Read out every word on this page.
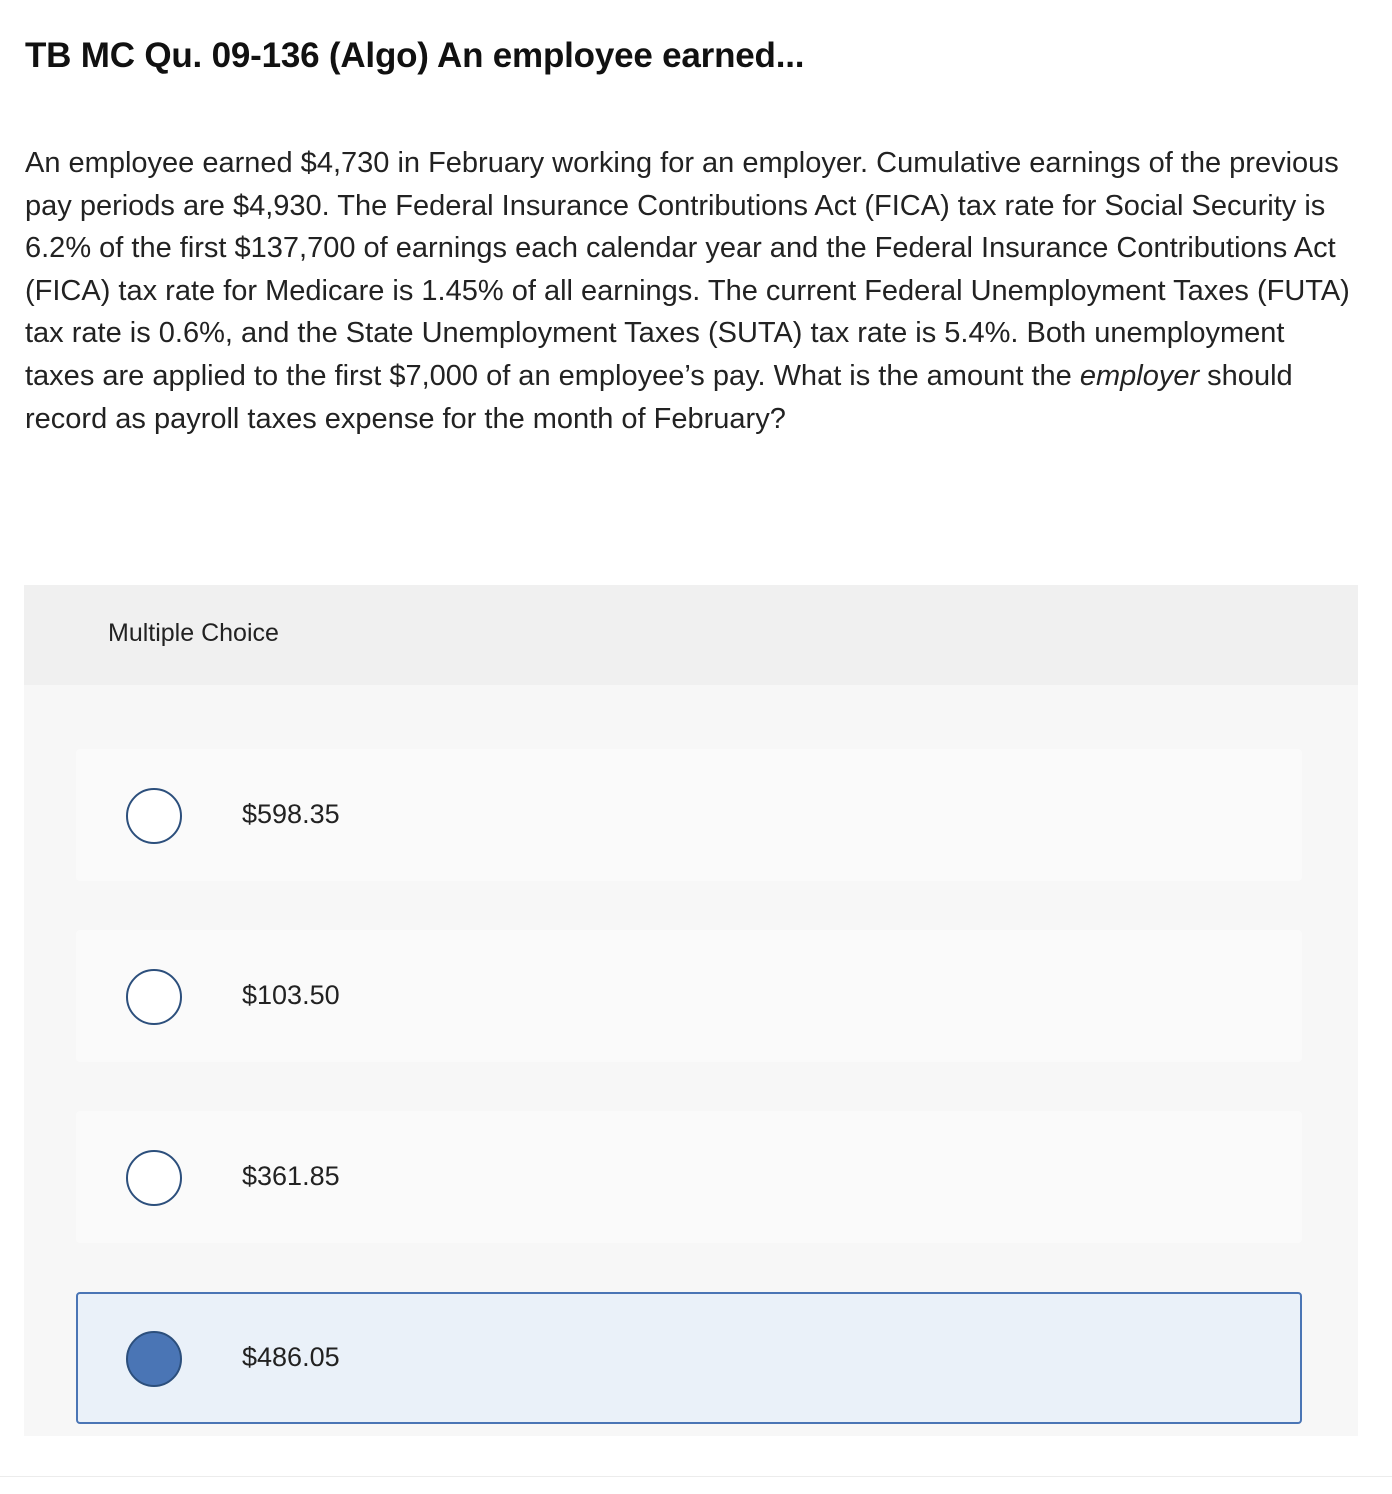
TB MC Qu. 09-136 (Algo) An employee earned...

An employee earned $4,730 in February working for an employer. Cumulative earnings of the previous pay periods are $4,930. The Federal Insurance Contributions Act (FICA) tax rate for Social Security is 6.2% of the first $137,700 of earnings each calendar year and the Federal Insurance Contributions Act (FICA) tax rate for Medicare is 1.45% of all earnings. The current Federal Unemployment Taxes (FUTA) tax rate is 0.6%, and the State Unemployment Taxes (SUTA) tax rate is 5.4%. Both unemployment taxes are applied to the first $7,000 of an employee’s pay. What is the amount the employer should record as payroll taxes expense for the month of February?

Multiple Choice
$598.35
$103.50
$361.85
$486.05
